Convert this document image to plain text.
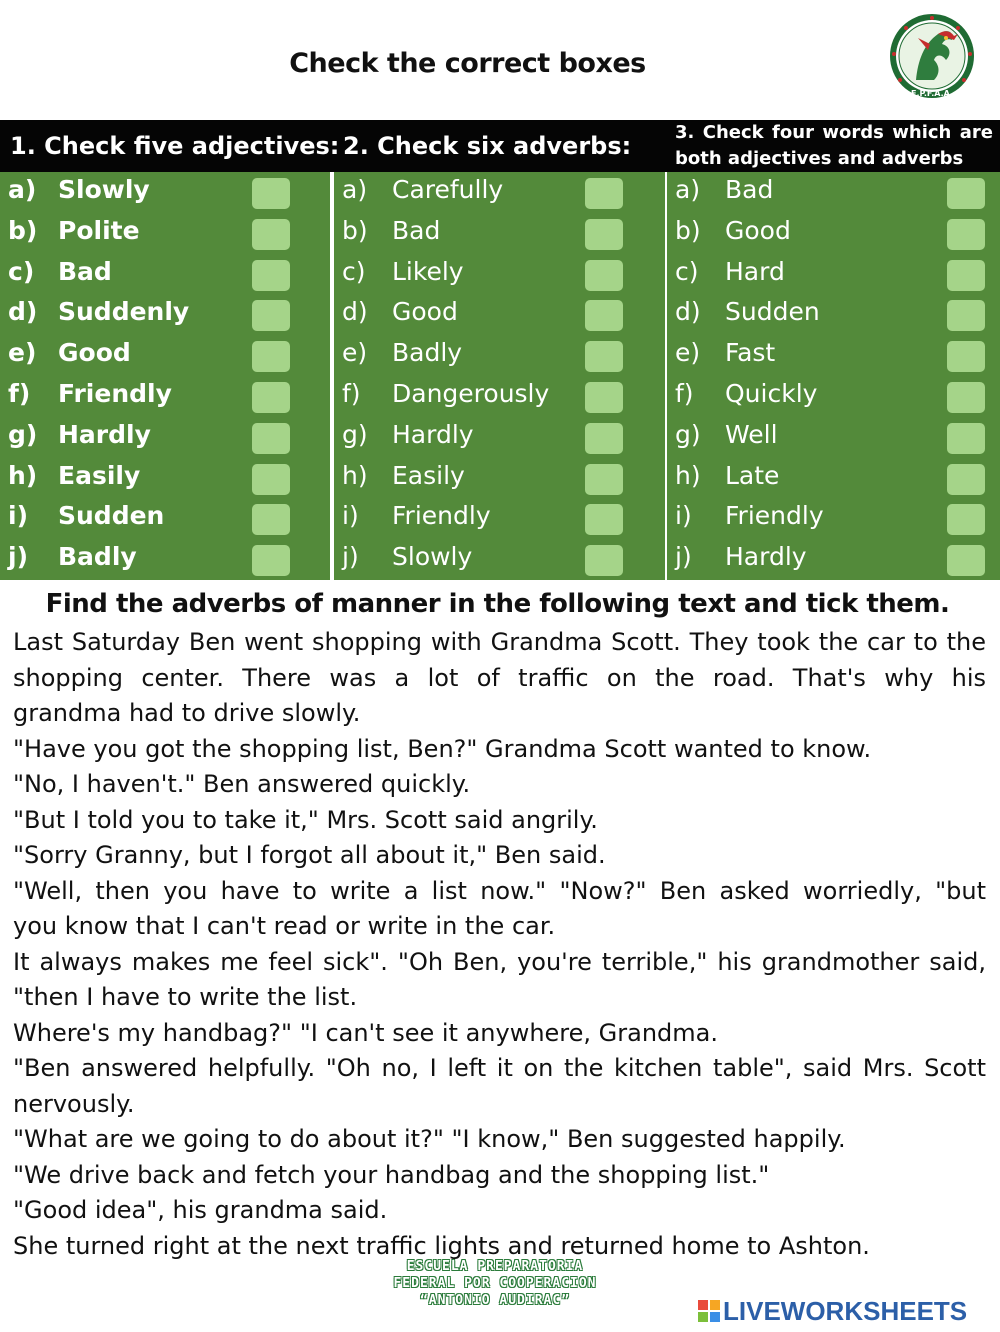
Check the correct boxes
E.P.F.A.A.
1. Check five adjectives: 2. Check six adverbs: 3. Check four words which are both adjectives and adverbs
a) Slowly
b) Polite
c) Bad
d) Suddenly
e) Good
f) Friendly
g) Hardly
h) Easily
i) Sudden
j) Badly
a) Carefully
b) Bad
c) Likely
d) Good
e) Badly
f) Dangerously
g) Hardly
h) Easily
i) Friendly
j) Slowly
a) Bad
b) Good
c) Hard
d) Sudden
e) Fast
f) Quickly
g) Well
h) Late
i) Friendly
j) Hardly
Find the adverbs of manner in the following text and tick them.

Last Saturday Ben went shopping with Grandma Scott. They took the car to the

shopping center. There was a lot of traffic on the road. That's why his

grandma had to drive slowly.

"Have you got the shopping list, Ben?" Grandma Scott wanted to know.

"No, I haven't." Ben answered quickly.

"But I told you to take it," Mrs. Scott said angrily.

"Sorry Granny, but I forgot all about it," Ben said.

"Well, then you have to write a list now." "Now?" Ben asked worriedly, "but

you know that I can't read or write in the car.

It always makes me feel sick". "Oh Ben, you're terrible," his grandmother said,

"then I have to write the list.

Where's my handbag?" "I can't see it anywhere, Grandma.

"Ben answered helpfully. "Oh no, I left it on the kitchen table", said Mrs. Scott

nervously.

"What are we going to do about it?" "I know," Ben suggested happily.

"We drive back and fetch your handbag and the shopping list."

"Good idea", his grandma said.

She turned right at the next traffic lights and returned home to Ashton.

ESCUELA PREPARATORIA
FEDERAL POR COOPERACION
“ANTONIO AUDIRAC”	LIVEWORKSHEETS
